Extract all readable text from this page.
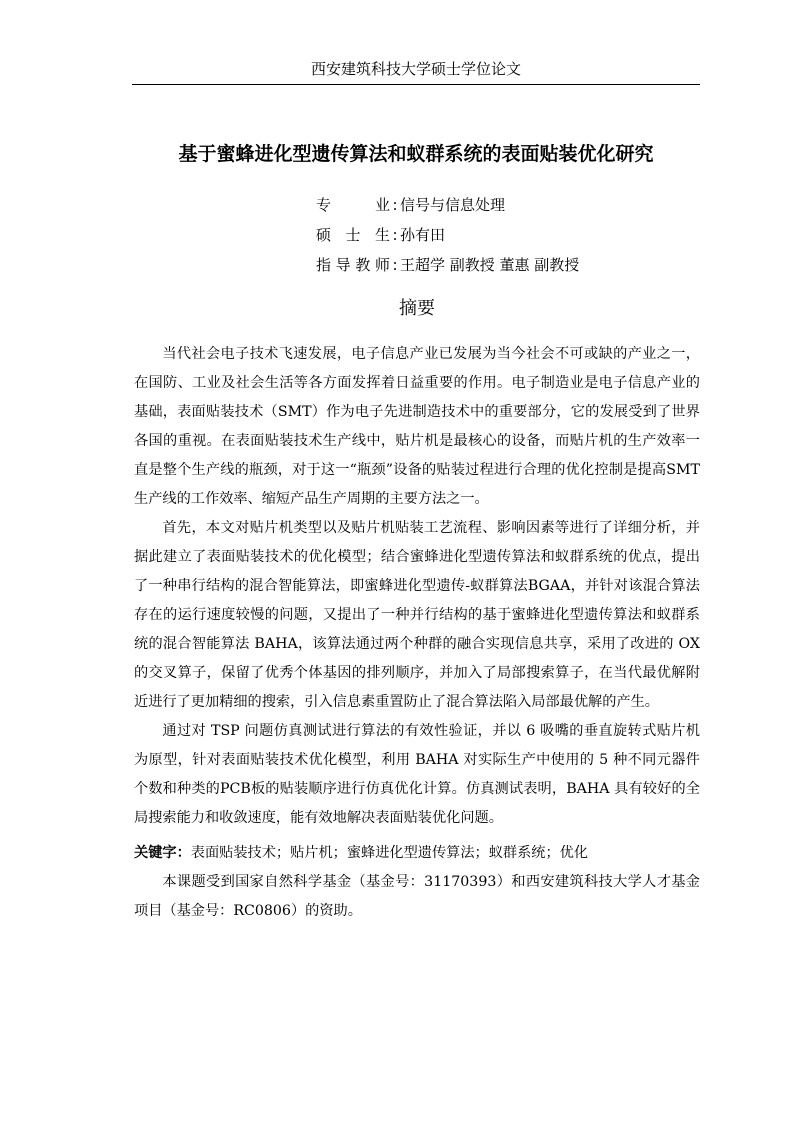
西安建筑科技大学硕士学位论文
基于蜜蜂进化型遗传算法和蚁群系统的表面贴装优化研究
专 业 : 信号与信息处理
硕 士 生 : 孙有田
指导教师 : 王超学 副教授 董惠 副教授
摘要

当代社会电子技术飞速发展，电子信息产业已发展为当今社会不可或缺的产业之一，在国防、工业及社会生活等各方面发挥着日益重要的作用。电子制造业是电子信息产业的基础，表面贴装技术（SMT）作为电子先进制造技术中的重要部分，它的发展受到了世界各国的重视。在表面贴装技术生产线中，贴片机是最核心的设备，而贴片机的生产效率一直是整个生产线的瓶颈，对于这一“瓶颈”设备的贴装过程进行合理的优化控制是提高SMT生产线的工作效率、缩短产品生产周期的主要方法之一。

首先，本文对贴片机类型以及贴片机贴装工艺流程、影响因素等进行了详细分析，并据此建立了表面贴装技术的优化模型；结合蜜蜂进化型遗传算法和蚁群系统的优点，提出了一种串行结构的混合智能算法，即蜜蜂进化型遗传-蚁群算法BGAA，并针对该混合算法存在的运行速度较慢的问题，又提出了一种并行结构的基于蜜蜂进化型遗传算法和蚁群系统的混合智能算法 BAHA，该算法通过两个种群的融合实现信息共享，采用了改进的 OX 的交叉算子，保留了优秀个体基因的排列顺序，并加入了局部搜索算子，在当代最优解附近进行了更加精细的搜索，引入信息素重置防止了混合算法陷入局部最优解的产生。

通过对 TSP 问题仿真测试进行算法的有效性验证，并以 6 吸嘴的垂直旋转式贴片机为原型，针对表面贴装技术优化模型，利用 BAHA 对实际生产中使用的 5 种不同元器件个数和种类的PCB板的贴装顺序进行仿真优化计算。仿真测试表明，BAHA 具有较好的全局搜索能力和收敛速度，能有效地解决表面贴装优化问题。

关键字：表面贴装技术；贴片机；蜜蜂进化型遗传算法；蚁群系统；优化

本课题受到国家自然科学基金（基金号：31170393）和西安建筑科技大学人才基金项目（基金号：RC0806）的资助。
